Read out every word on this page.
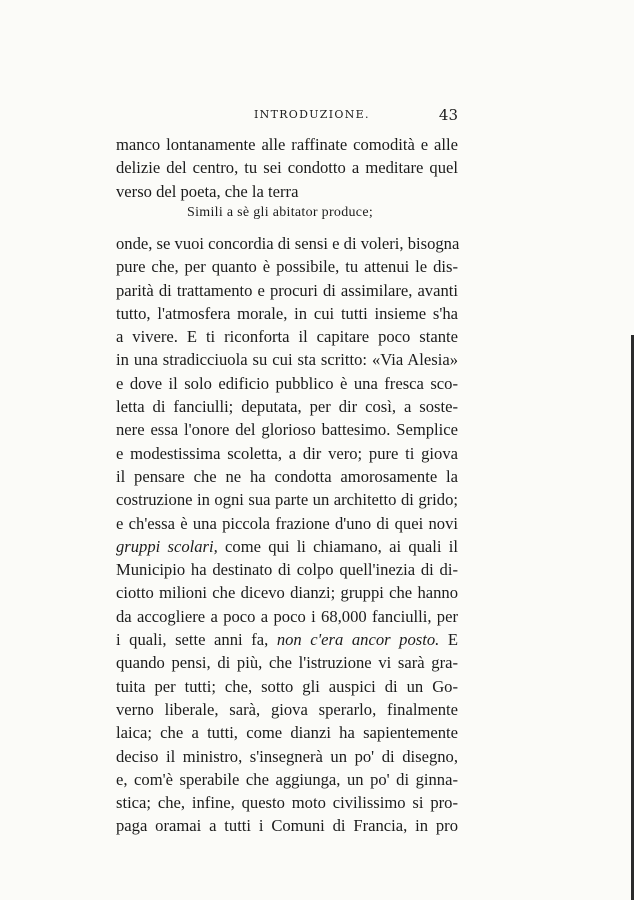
INTRODUZIONE.	43
manco lontanamente alle raffinate comodità e alle
delizie del centro, tu sei condotto a meditare quel
verso del poeta, che la terra
Simili a sè gli abitator produce;
onde, se vuoi concordia di sensi e di voleri, bisogna
pure che, per quanto è possibile, tu attenui le dis-
parità di trattamento e procuri di assimilare, avanti
tutto, l'atmosfera morale, in cui tutti insieme s'ha
a vivere. E ti riconforta il capitare poco stante
in una stradicciuola su cui sta scritto: «Via Alesia»
e dove il solo edificio pubblico è una fresca sco-
letta di fanciulli; deputata, per dir così, a soste-
nere essa l'onore del glorioso battesimo. Semplice
e modestissima scoletta, a dir vero; pure ti giova
il pensare che ne ha condotta amorosamente la
costruzione in ogni sua parte un architetto di grido;
e ch'essa è una piccola frazione d'uno di quei novi
gruppi scolari, come qui li chiamano, ai quali il
Municipio ha destinato di colpo quell'inezia di di-
ciotto milioni che dicevo dianzi; gruppi che hanno
da accogliere a poco a poco i 68,000 fanciulli, per
i quali, sette anni fa, non c'era ancor posto. E
quando pensi, di più, che l'istruzione vi sarà gra-
tuita per tutti; che, sotto gli auspici di un Go-
verno liberale, sarà, giova sperarlo, finalmente
laica; che a tutti, come dianzi ha sapientemente
deciso il ministro, s'insegnerà un po' di disegno,
e, com'è sperabile che aggiunga, un po' di ginna-
stica; che, infine, questo moto civilissimo si pro-
paga oramai a tutti i Comuni di Francia, in pro
